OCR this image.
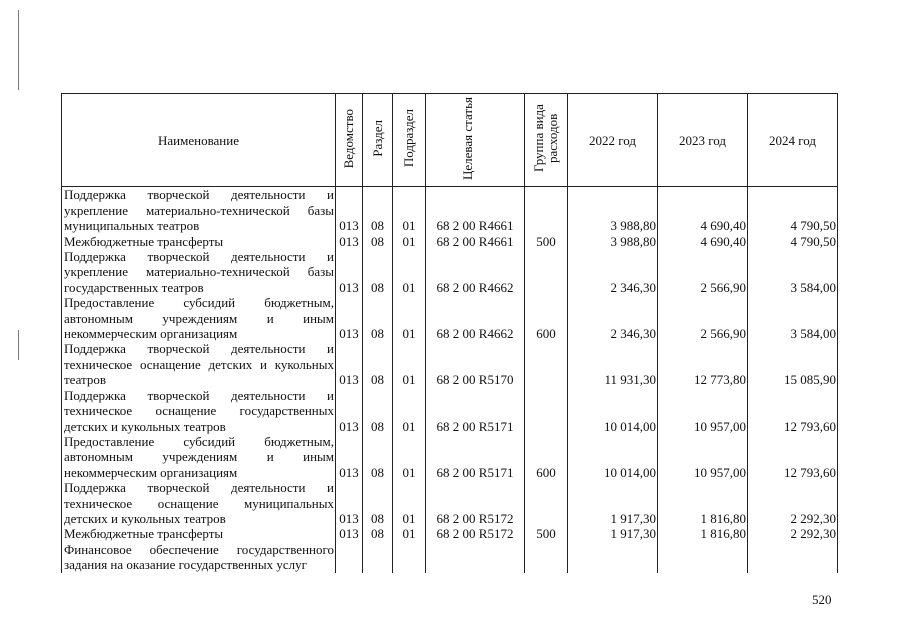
Наименование	Ведомство	Раздел	Подраздел	Целевая статья	Группа вида расходов	2022 год	2023 год	2024 год
Поддержка творческой деятельности и укрепление материально-технической базы муниципальных театров	013	08	01	68 2 00 R4661		3 988,80	4 690,40	4 790,50
Межбюджетные трансферты	013	08	01	68 2 00 R4661	500	3 988,80	4 690,40	4 790,50
Поддержка творческой деятельности и укрепление материально-технической базы государственных театров	013	08	01	68 2 00 R4662		2 346,30	2 566,90	3 584,00
Предоставление субсидий бюджетным, автономным учреждениям и иным некоммерческим организациям	013	08	01	68 2 00 R4662	600	2 346,30	2 566,90	3 584,00
Поддержка творческой деятельности и техническое оснащение детских и кукольных театров	013	08	01	68 2 00 R5170		11 931,30	12 773,80	15 085,90
Поддержка творческой деятельности и техническое оснащение государственных детских и кукольных театров	013	08	01	68 2 00 R5171		10 014,00	10 957,00	12 793,60
Предоставление субсидий бюджетным, автономным учреждениям и иным некоммерческим организациям	013	08	01	68 2 00 R5171	600	10 014,00	10 957,00	12 793,60
Поддержка творческой деятельности и техническое оснащение муниципальных детских и кукольных театров	013	08	01	68 2 00 R5172		1 917,30	1 816,80	2 292,30
Межбюджетные трансферты	013	08	01	68 2 00 R5172	500	1 917,30	1 816,80	2 292,30
Финансовое обеспечение государственного задания на оказание государственных услуг								
520
